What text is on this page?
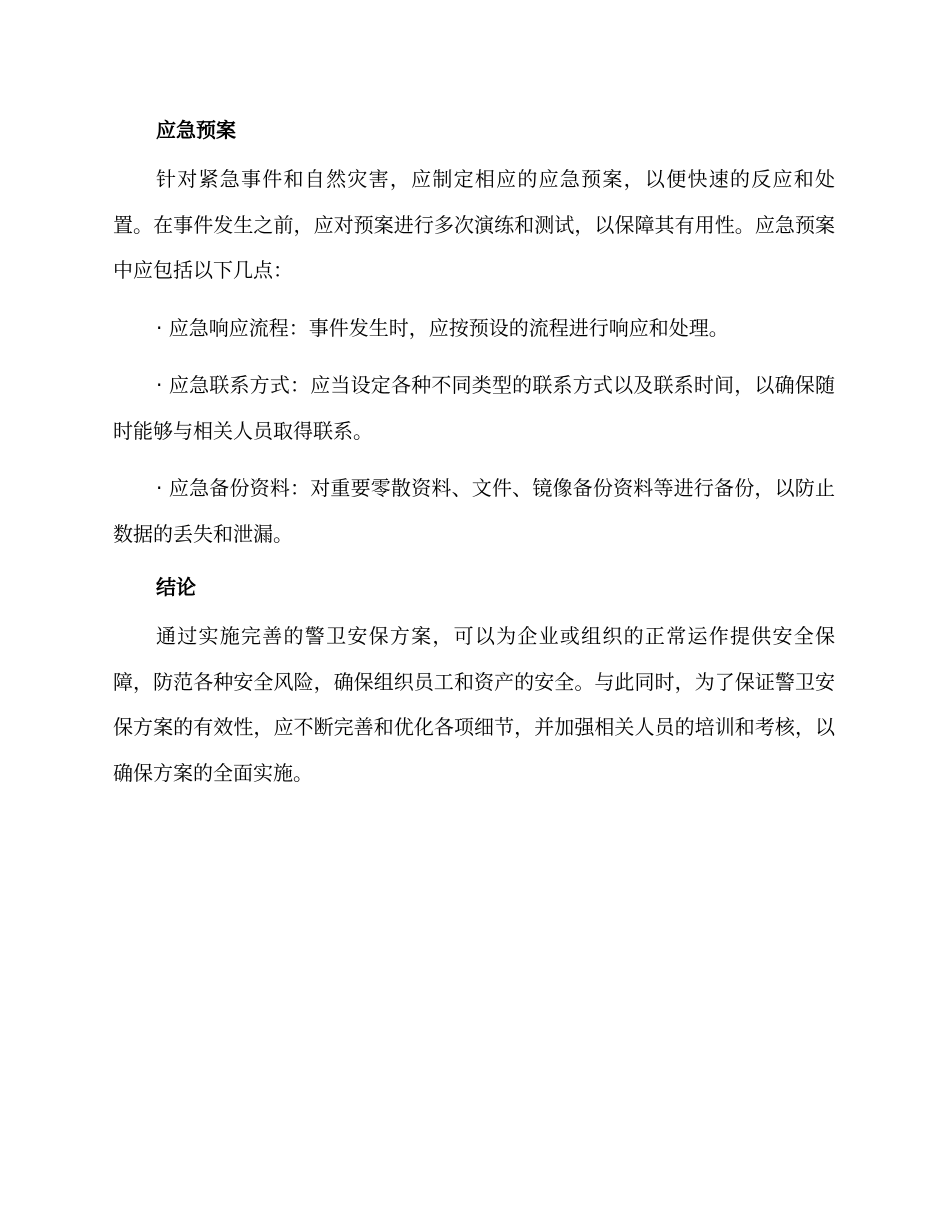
应急预案

针对紧急事件和自然灾害，应制定相应的应急预案，以便快速的反应和处置。在事件发生之前，应对预案进行多次演练和测试，以保障其有用性。应急预案中应包括以下几点：

· 应急响应流程：事件发生时，应按预设的流程进行响应和处理。

· 应急联系方式：应当设定各种不同类型的联系方式以及联系时间，以确保随时能够与相关人员取得联系。

· 应急备份资料：对重要零散资料、文件、镜像备份资料等进行备份，以防止数据的丢失和泄漏。

结论

通过实施完善的警卫安保方案，可以为企业或组织的正常运作提供安全保障，防范各种安全风险，确保组织员工和资产的安全。与此同时，为了保证警卫安保方案的有效性，应不断完善和优化各项细节，并加强相关人员的培训和考核，以确保方案的全面实施。
